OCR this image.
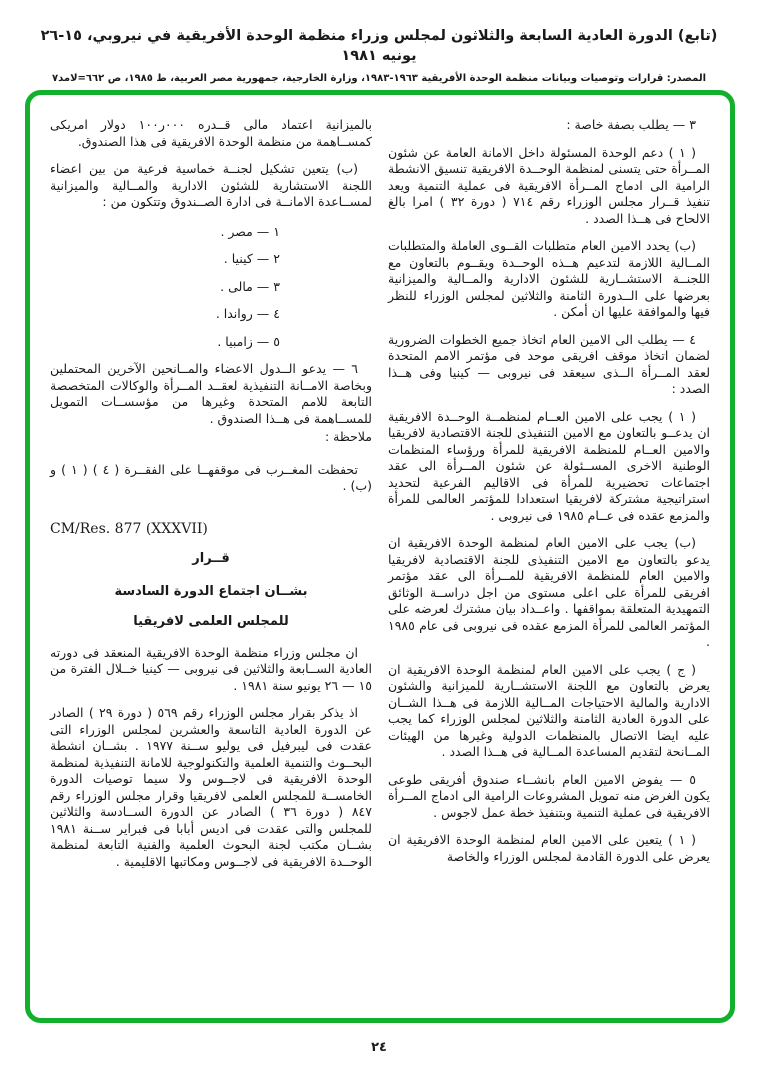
(تابع) الدورة العادية السابعة والثلاثون لمجلس وزراء منظمة الوحدة الأفريقية في نيروبي، ١٥-٢٦ يونيه ١٩٨١
المصدر: قرارات وتوصيات وبيانات منظمة الوحدة الأفريقية ١٩٦٣-١٩٨٣، وزارة الخارجية، جمهورية مصر العربية، ط ١٩٨٥، ص ٦٦٢=لامد٧
٣ — يطلب بصفة خاصة :
( ١ ) دعم الوحدة المسئولة داخل الامانة العامة عن شئون المــرأة حتى يتسنى لمنظمة الوحــدة الافريقية تنسيق الانشطة الرامية الى ادماج المــرأة الافريقية فى عملية التنمية ويعد تنفيذ قــرار مجلس الوزراء رقم ٧١٤ ( دورة ٣٢ ) امرا بالغ الالحاح فى هــذا الصدد .
(ب) يحدد الامين العام متطلبات القــوى العاملة والمتطلبات المــالية اللازمة لتدعيم هــذه الوحــدة ويقــوم بالتعاون مع اللجنــة الاستشــارية للشئون الادارية والمــالية والميزانية بعرضها على الــدورة الثامنة والثلاثين لمجلس الوزراء للنظر فيها والموافقة عليها ان أمكن .
٤ — يطلب الى الامين العام اتخاذ جميع الخطوات الضرورية لضمان اتخاذ موقف افريقى موحد فى مؤتمر الامم المتحدة لعقد المــرأة الــذى سيعقد فى نيروبى — كينيا وفى هــذا الصدد :
( ١ ) يجب على الامين العــام لمنظمــة الوحــدة الافريقية ان يدعــو بالتعاون مع الامين التنفيذى للجنة الاقتصادية لافريقيا والامين العــام للمنظمة الافريقية للمرأة ورؤساء المنظمات الوطنية الاخرى المســئولة عن شئون المــرأة الى عقد اجتماعات تحضيرية للمرأة فى الاقاليم الفرعية لتحديد استراتيجية مشتركة لافريقيا استعدادا للمؤتمر العالمى للمرأة والمزمع عقده فى عــام ١٩٨٥ فى نيروبى .
(ب) يجب على الامين العام لمنظمة الوحدة الافريقية ان يدعو بالتعاون مع الامين التنفيذى للجنة الاقتصادية لافريقيا والامين العام للمنظمة الافريقية للمــرأة الى عقد مؤتمر افريقى للمرأة على اعلى مستوى من اجل دراســة الوثائق التمهيدية المتعلقة بمواقفها . واعــداد بيان مشترك لعرضه على المؤتمر العالمى للمرأة المزمع عقده فى نيروبى فى عام ١٩٨٥ .
( ج ) يجب على الامين العام لمنظمة الوحدة الافريقية ان يعرض بالتعاون مع اللجنة الاستشــارية للميزانية والشئون الادارية والمالية الاحتياجات المــالية اللازمة فى هــذا الشــان على الدورة العادية الثامنة والثلاثين لمجلس الوزراء كما يجب عليه ايضا الاتصال بالمنظمات الدولية وغيرها من الهيئات المــانحة لتقديم المساعدة المــالية فى هــذا الصدد .
٥ — يفوض الامين العام بانشــاء صندوق أفريقى طوعى يكون الغرض منه تمويل المشروعات الرامية الى ادماج المــرأة الافريقية فى عملية التنمية وبتنفيذ خطة عمل لاجوس .
( ١ ) يتعين على الامين العام لمنظمة الوحدة الافريقية ان يعرض على الدورة القادمة لمجلس الوزراء والخاصة
بالميزانية اعتماد مالى قــدره ٠٠٠ر١٠٠ دولار امريكى كمســاهمة من منظمة الوحدة الافريقية فى هذا الصندوق.
(ب) يتعين تشكيل لجنــة خماسية فرعية من بين اعضاء اللجنة الاستشارية للشئون الادارية والمــالية والميزانية لمســاعدة الامانــة فى ادارة الصــندوق وتتكون من :
١ — مصر .
٢ — كينيا .
٣ — مالى .
٤ — رواندا .
٥ — زامبيا .
٦ — يدعو الــدول الاعضاء والمــانحين الآخرين المحتملين وبخاصة الامــانة التنفيذية لعقــد المــرأة والوكالات المتخصصة التابعة للامم المتحدة وغيرها من مؤسســات التمويل للمســاهمة فى هــذا الصندوق .
ملاحظة :
تحفظت المغــرب فى موقفهــا على الفقــرة ( ٤ ) ( ١ ) و (ب) .
CM/Res. 877 (XXXVII)
قــرار
بشــان اجتماع الدورة السادسة
للمجلس العلمى لافريقيا
ان مجلس وزراء منظمة الوحدة الافريقية المنعقد فى دورته العادية الســابعة والثلاثين فى نيروبى — كينيا خــلال الفترة من ١٥ — ٢٦ يونيو سنة ١٩٨١ .
اذ يذكر بقرار مجلس الوزراء رقم ٥٦٩ ( دورة ٢٩ ) الصادر عن الدورة العادية التاسعة والعشرين لمجلس الوزراء التى عقدت فى ليبرفيل فى يوليو ســنة ١٩٧٧ . بشــان انشطة البحــوث والتنمية العلمية والتكنولوجية للامانة التنفيذية لمنظمة الوحدة الافريقية فى لاجــوس ولا سيما توصيات الدورة الخامســة للمجلس العلمى لافريقيا وقرار مجلس الوزراء رقم ٨٤٧ ( دورة ٣٦ ) الصادر عن الدورة الســادسة والثلاثين للمجلس والتى عقدت فى اديس أبابا فى فبراير ســنة ١٩٨١ بشــان مكتب لجنة البحوث العلمية والفنية التابعة لمنظمة الوحــدة الافريقية فى لاجــوس ومكاتبها الاقليمية .
٢٤
